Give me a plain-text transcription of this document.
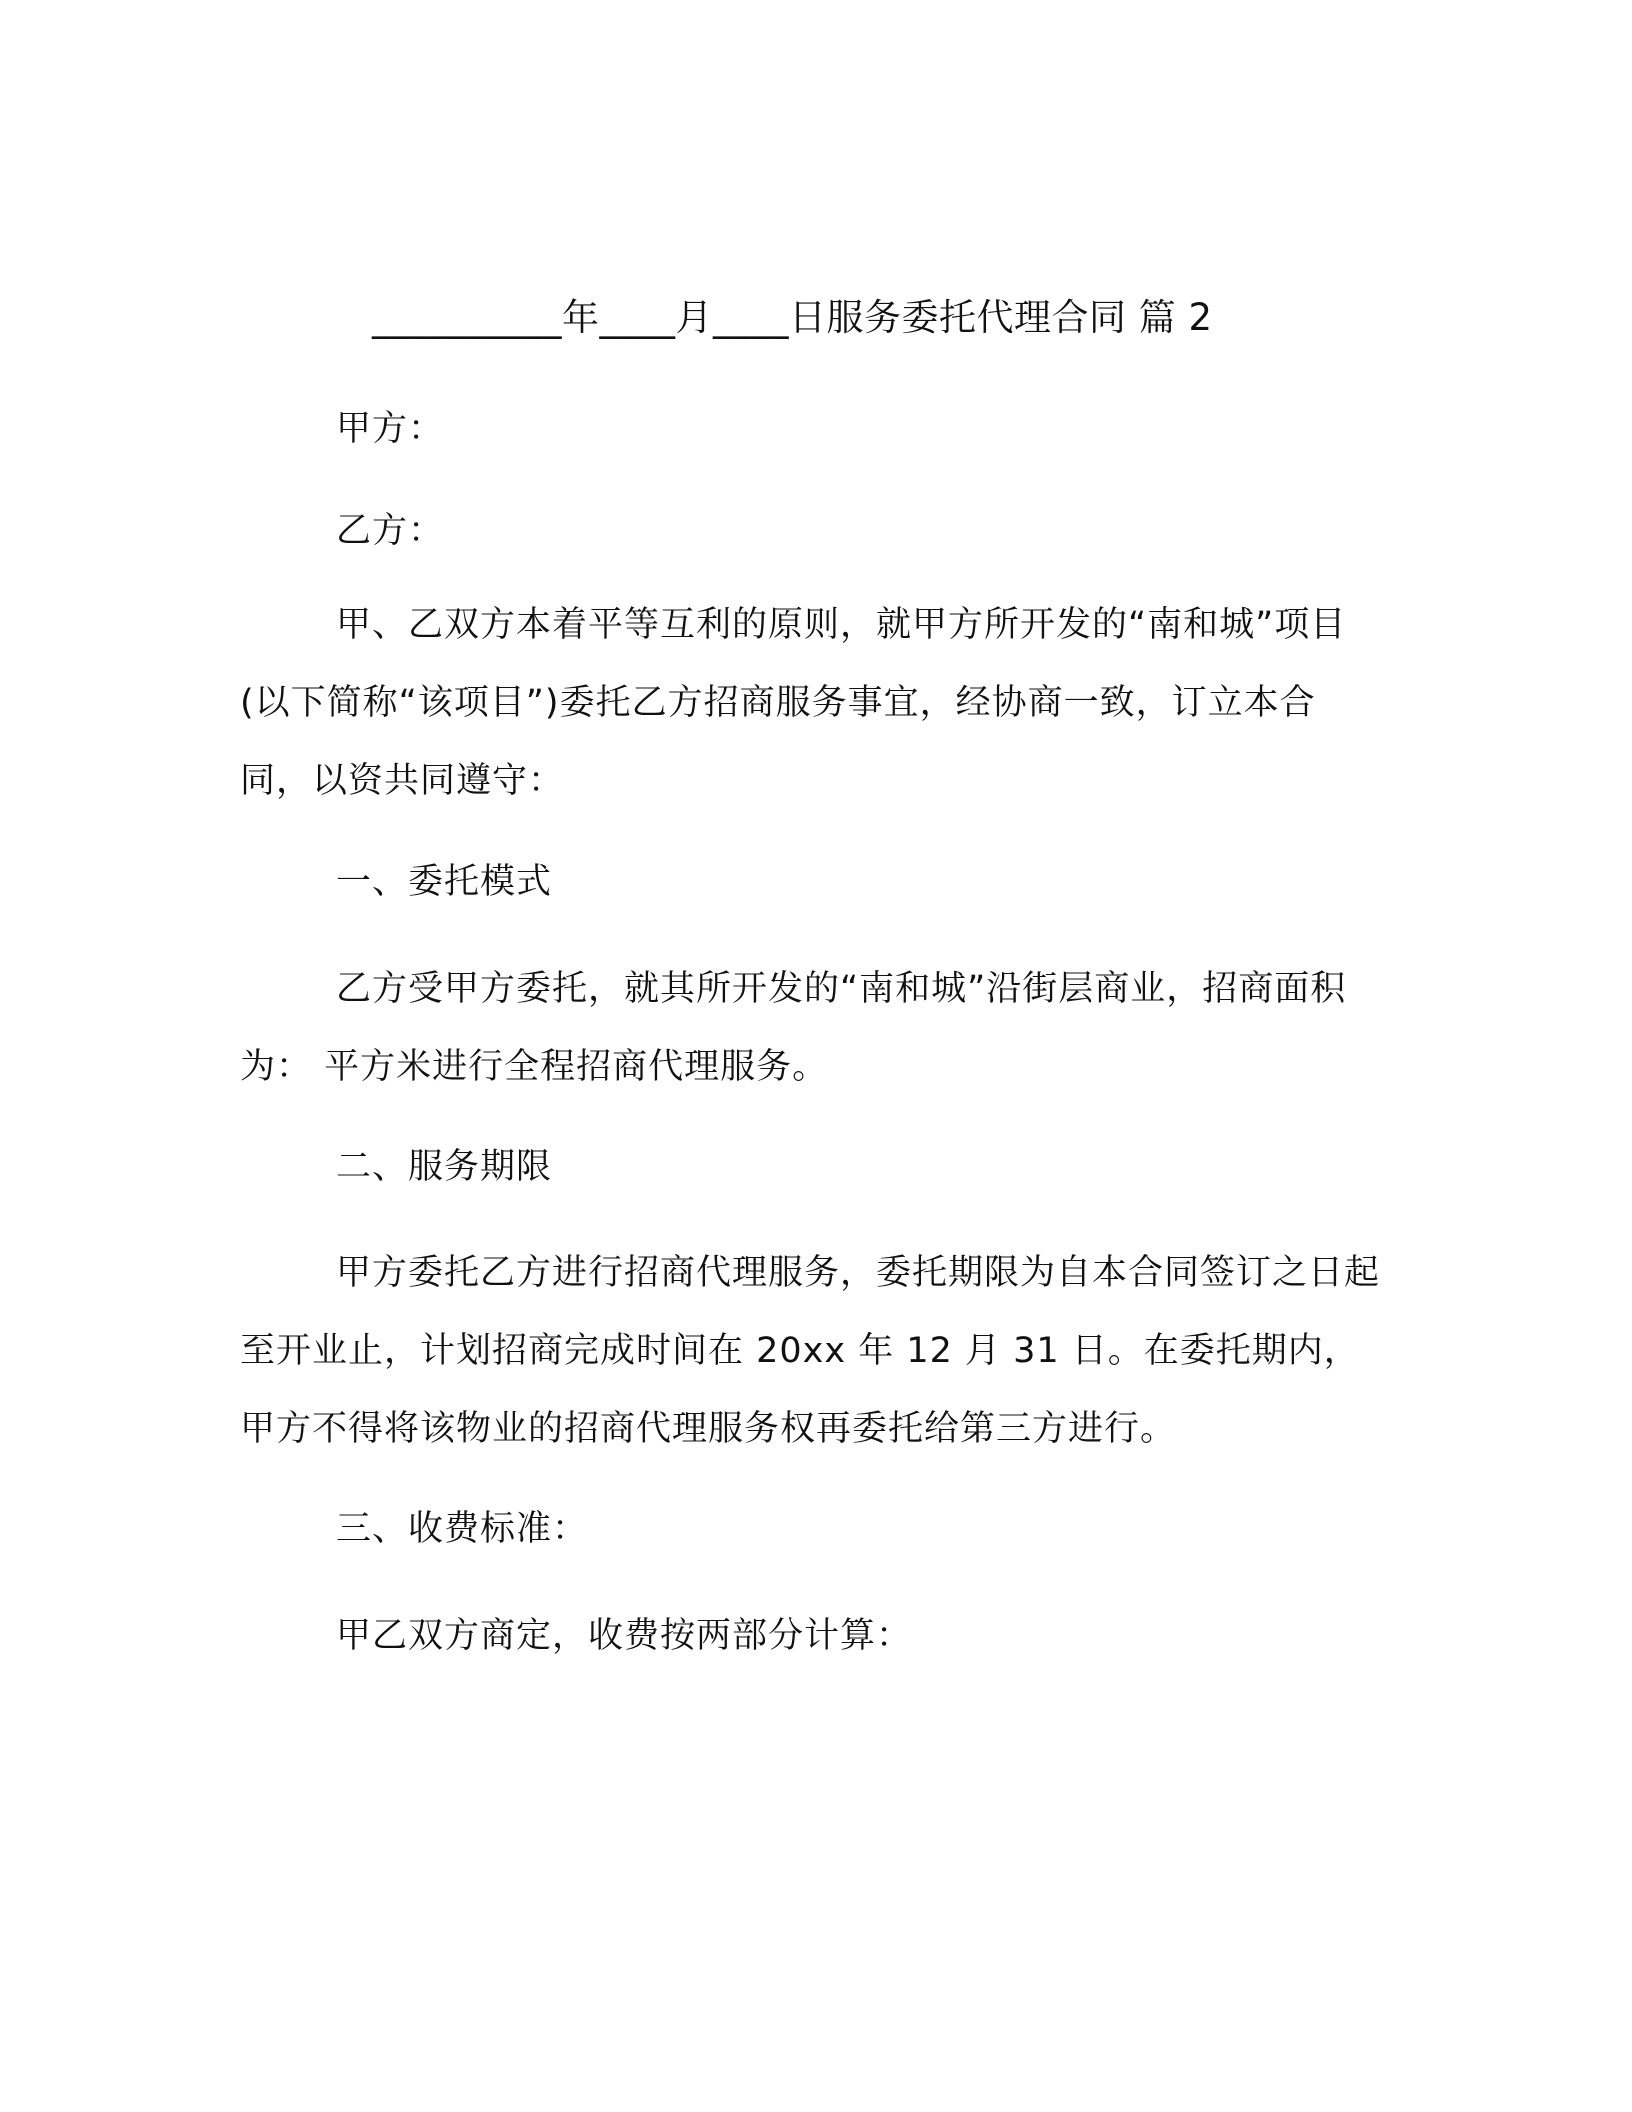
__________年____月____日服务委托代理合同 篇 2

甲方：

乙方：

甲、乙双方本着平等互利的原则，就甲方所开发的“南和城”项目(以下简称“该项目”)委托乙方招商服务事宜，经协商一致，订立本合同，以资共同遵守：

一、委托模式

乙方受甲方委托，就其所开发的“南和城”沿街层商业，招商面积为： 平方米进行全程招商代理服务。

二、服务期限

甲方委托乙方进行招商代理服务，委托期限为自本合同签订之日起至开业止，计划招商完成时间在 20xx 年 12 月 31 日。在委托期内，甲方不得将该物业的招商代理服务权再委托给第三方进行。

三、收费标准：

甲乙双方商定，收费按两部分计算：
